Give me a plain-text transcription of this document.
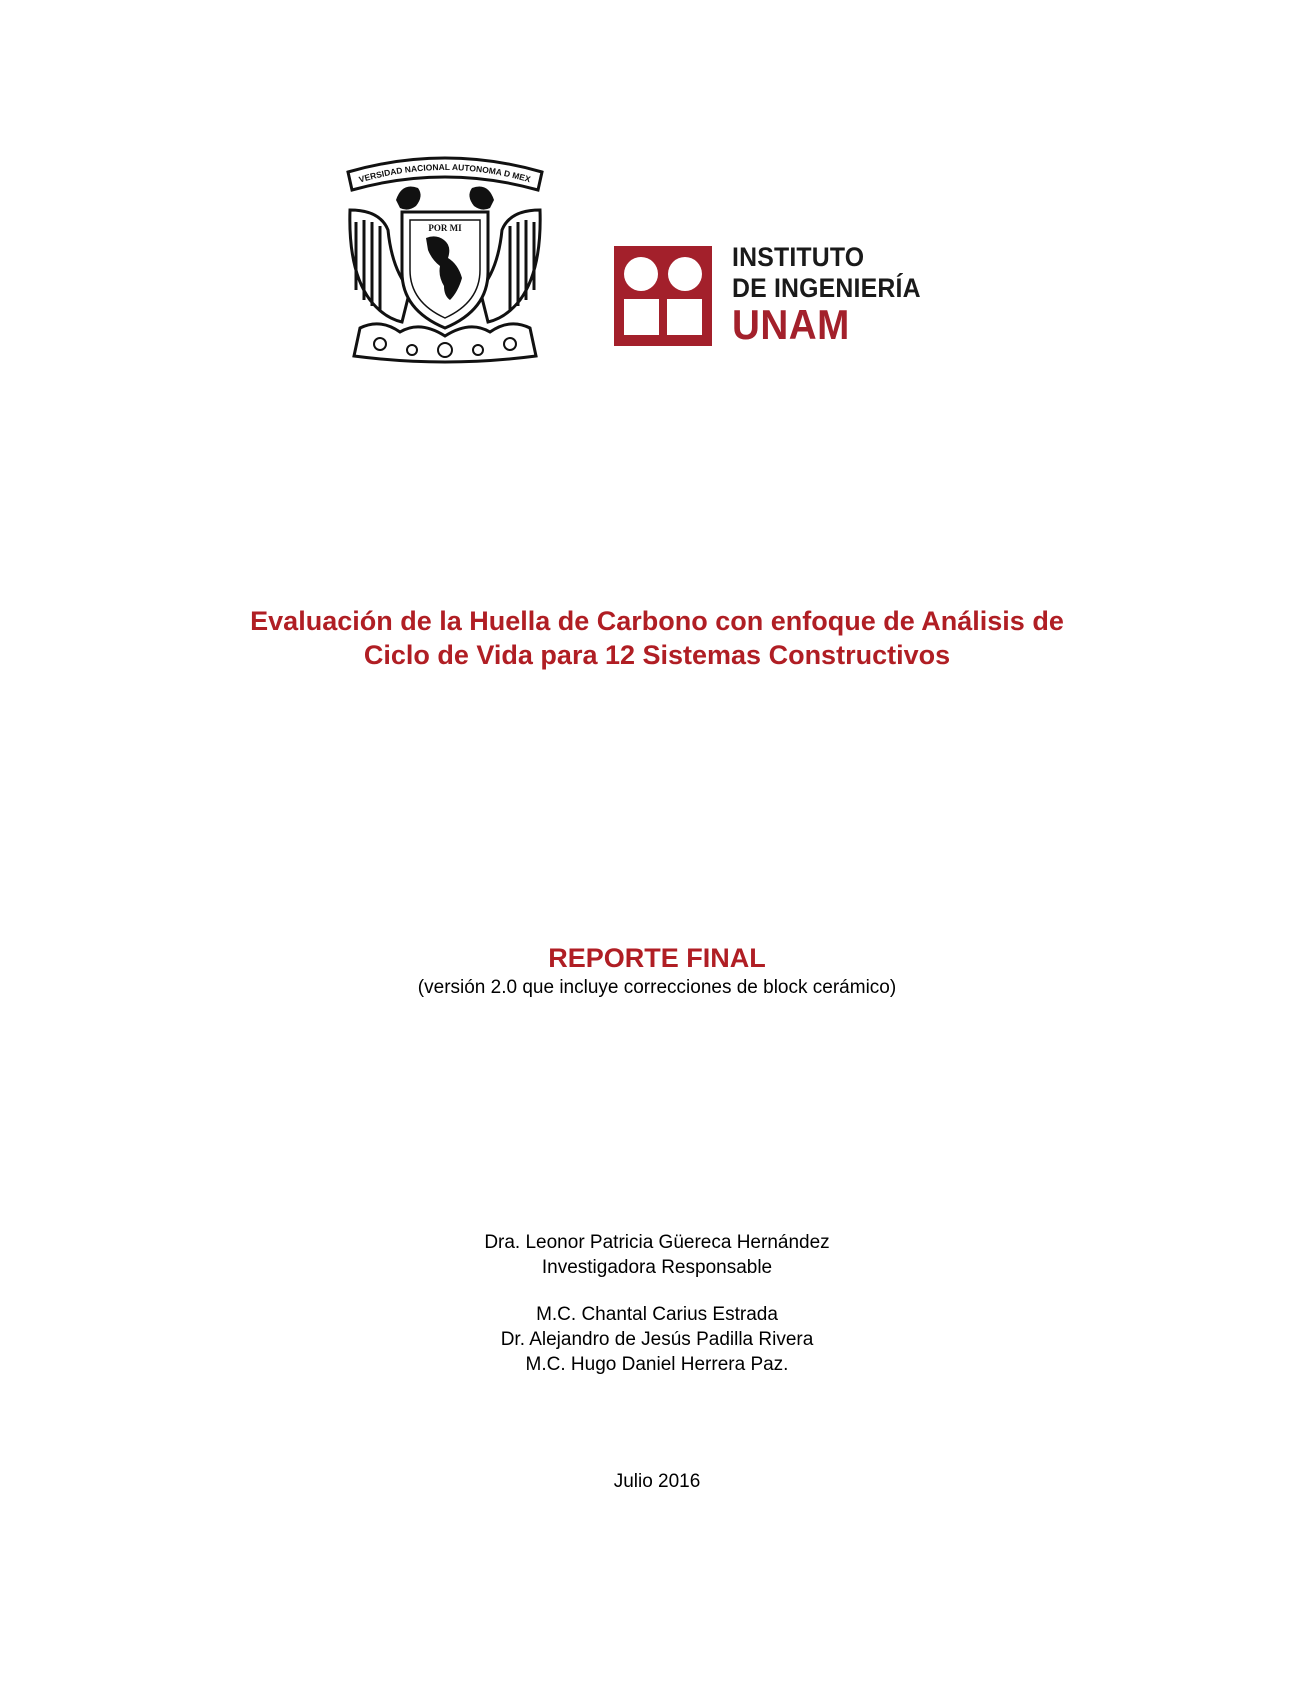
VERSIDAD NACIONAL AUTONOMA D MEX
POR MI
INSTITUTO
DE INGENIERÍA
UNAM
Evaluación de la Huella de Carbono con enfoque de Análisis de
Ciclo de Vida para 12 Sistemas Constructivos
REPORTE FINAL
(versión 2.0 que incluye correcciones de block cerámico)
Dra. Leonor Patricia Güereca Hernández
Investigadora Responsable
M.C. Chantal Carius Estrada
Dr. Alejandro de Jesús Padilla Rivera
M.C. Hugo Daniel Herrera Paz.
Julio 2016
